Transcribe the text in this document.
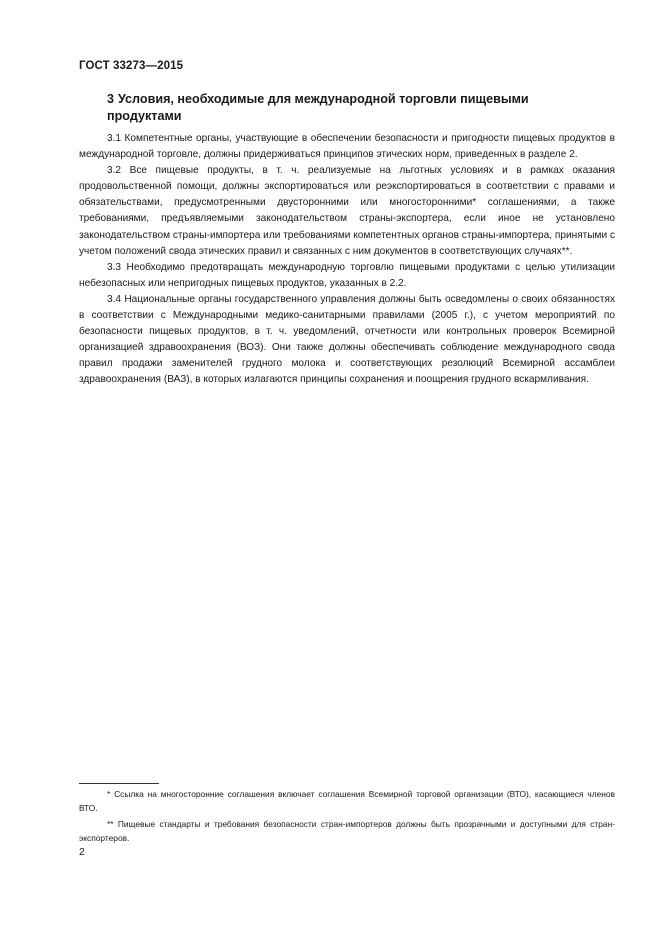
ГОСТ 33273—2015
3 Условия, необходимые для международной торговли пищевыми
продуктами

3.1 Компетентные органы, участвующие в обеспечении безопасности и пригодности пищевых продуктов в международной торговле, должны придерживаться принципов этических норм, приведенных в разделе 2.

3.2 Все пищевые продукты, в т. ч. реализуемые на льготных условиях и в рамках оказания продовольственной помощи, должны экспортироваться или реэкспортироваться в соответствии с правами и обязательствами, предусмотренными двусторонними или многосторонними* соглашениями, а также требованиями, предъявляемыми законодательством страны-экспортера, если иное не установлено законодательством страны-импортера или требованиями компетентных органов страны-импортера, принятыми с учетом положений свода этических правил и связанных с ним документов в соответствующих случаях**.

3.3 Необходимо предотвращать международную торговлю пищевыми продуктами с целью утилизации небезопасных или непригодных пищевых продуктов, указанных в 2.2.

3.4 Национальные органы государственного управления должны быть осведомлены о своих обязанностях в соответствии с Международными медико-санитарными правилами (2005 г.), с учетом мероприятий по безопасности пищевых продуктов, в т. ч. уведомлений, отчетности или контрольных проверок Всемирной организацией здравоохранения (ВОЗ). Они также должны обеспечивать соблюдение международного свода правил продажи заменителей грудного молока и соответствующих резолюций Всемирной ассамблеи здравоохранения (ВАЗ), в которых излагаются принципы сохранения и поощрения грудного вскармливания.

* Ссылка на многосторонние соглашения включает соглашения Всемирной торговой организации (ВТО), касающиеся членов ВТО.

** Пищевые стандарты и требования безопасности стран-импортеров должны быть прозрачными и доступными для стран-экспортеров.

2
